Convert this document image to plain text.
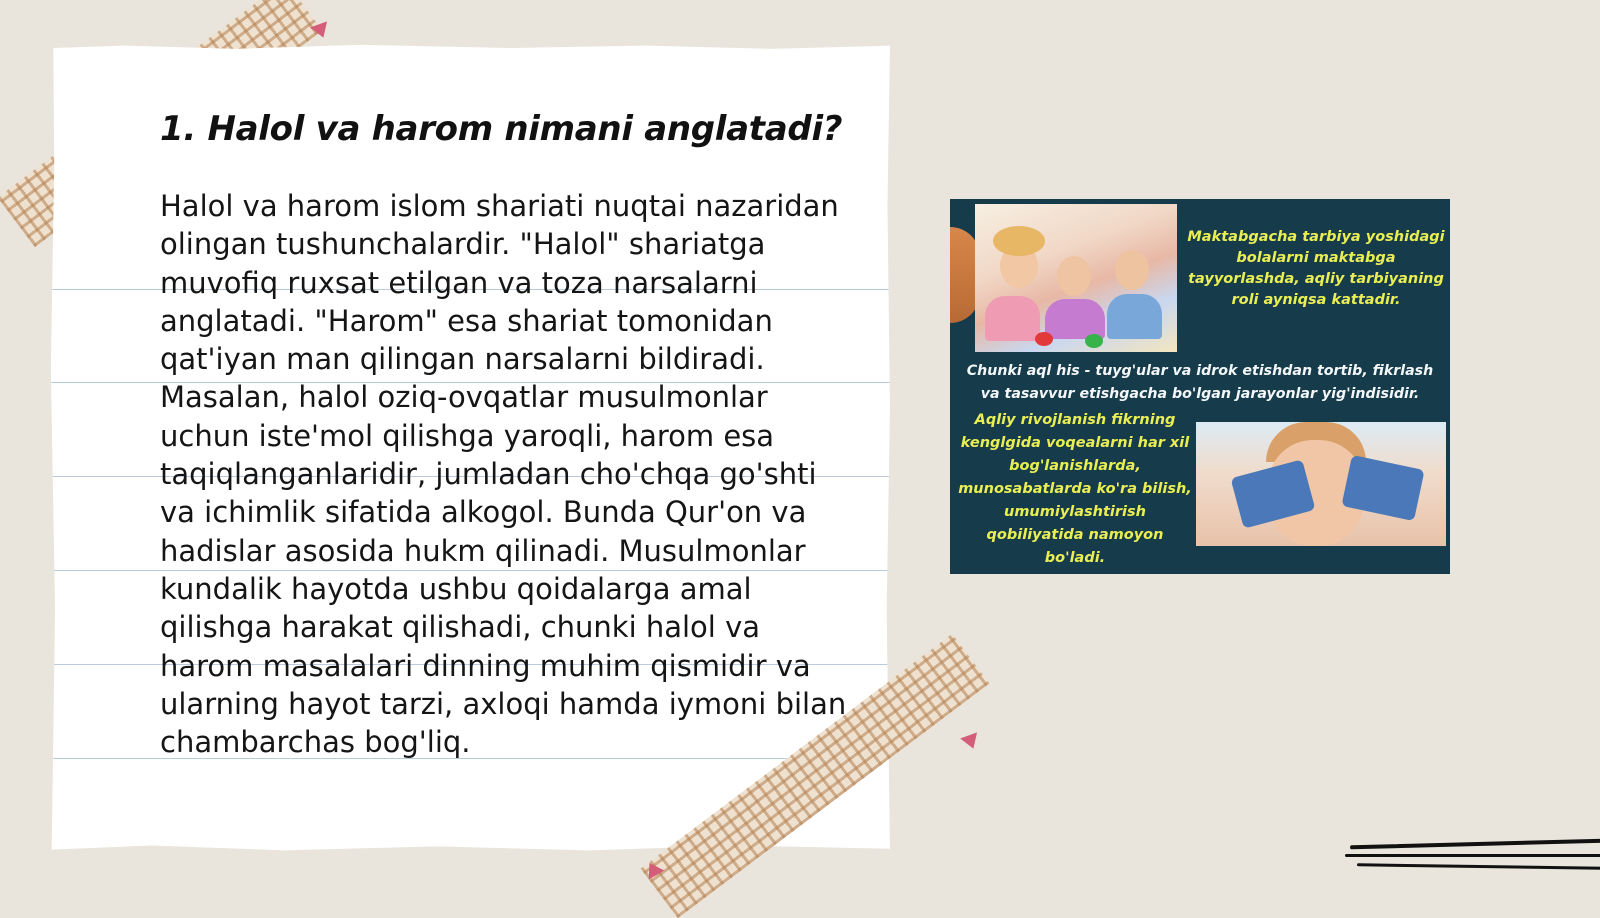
1. Halol va harom nimani anglatadi?

Halol va harom islom shariati nuqtai nazaridan olingan tushunchalardir. "Halol" shariatga muvofiq ruxsat etilgan va toza narsalarni anglatadi. "Harom" esa shariat tomonidan qat'iyan man qilingan narsalarni bildiradi. Masalan, halol oziq-ovqatlar musulmonlar uchun iste'mol qilishga yaroqli, harom esa taqiqlanganlaridir, jumladan cho'chqa go'shti va ichimlik sifatida alkogol. Bunda Qur'on va hadislar asosida hukm qilinadi. Musulmonlar kundalik hayotda ushbu qoidalarga amal qilishga harakat qilishadi, chunki halol va harom masalalari dinning muhim qismidir va ularning hayot tarzi, axloqi hamda iymoni bilan chambarchas bog'liq.

Maktabgacha tarbiya yoshidagi bolalarni maktabga tayyorlashda, aqliy tarbiyaning roli ayniqsa kattadir.

Chunki aql his - tuyg'ular va idrok etishdan tortib, fikrlash va tasavvur etishgacha bo'lgan jarayonlar yig'indisidir.

Aqliy rivojlanish fikrning kenglgida voqealarni har xil bog'lanishlarda, munosabatlarda ko'ra bilish, umumiylashtirish qobiliyatida namoyon bo'ladi.
